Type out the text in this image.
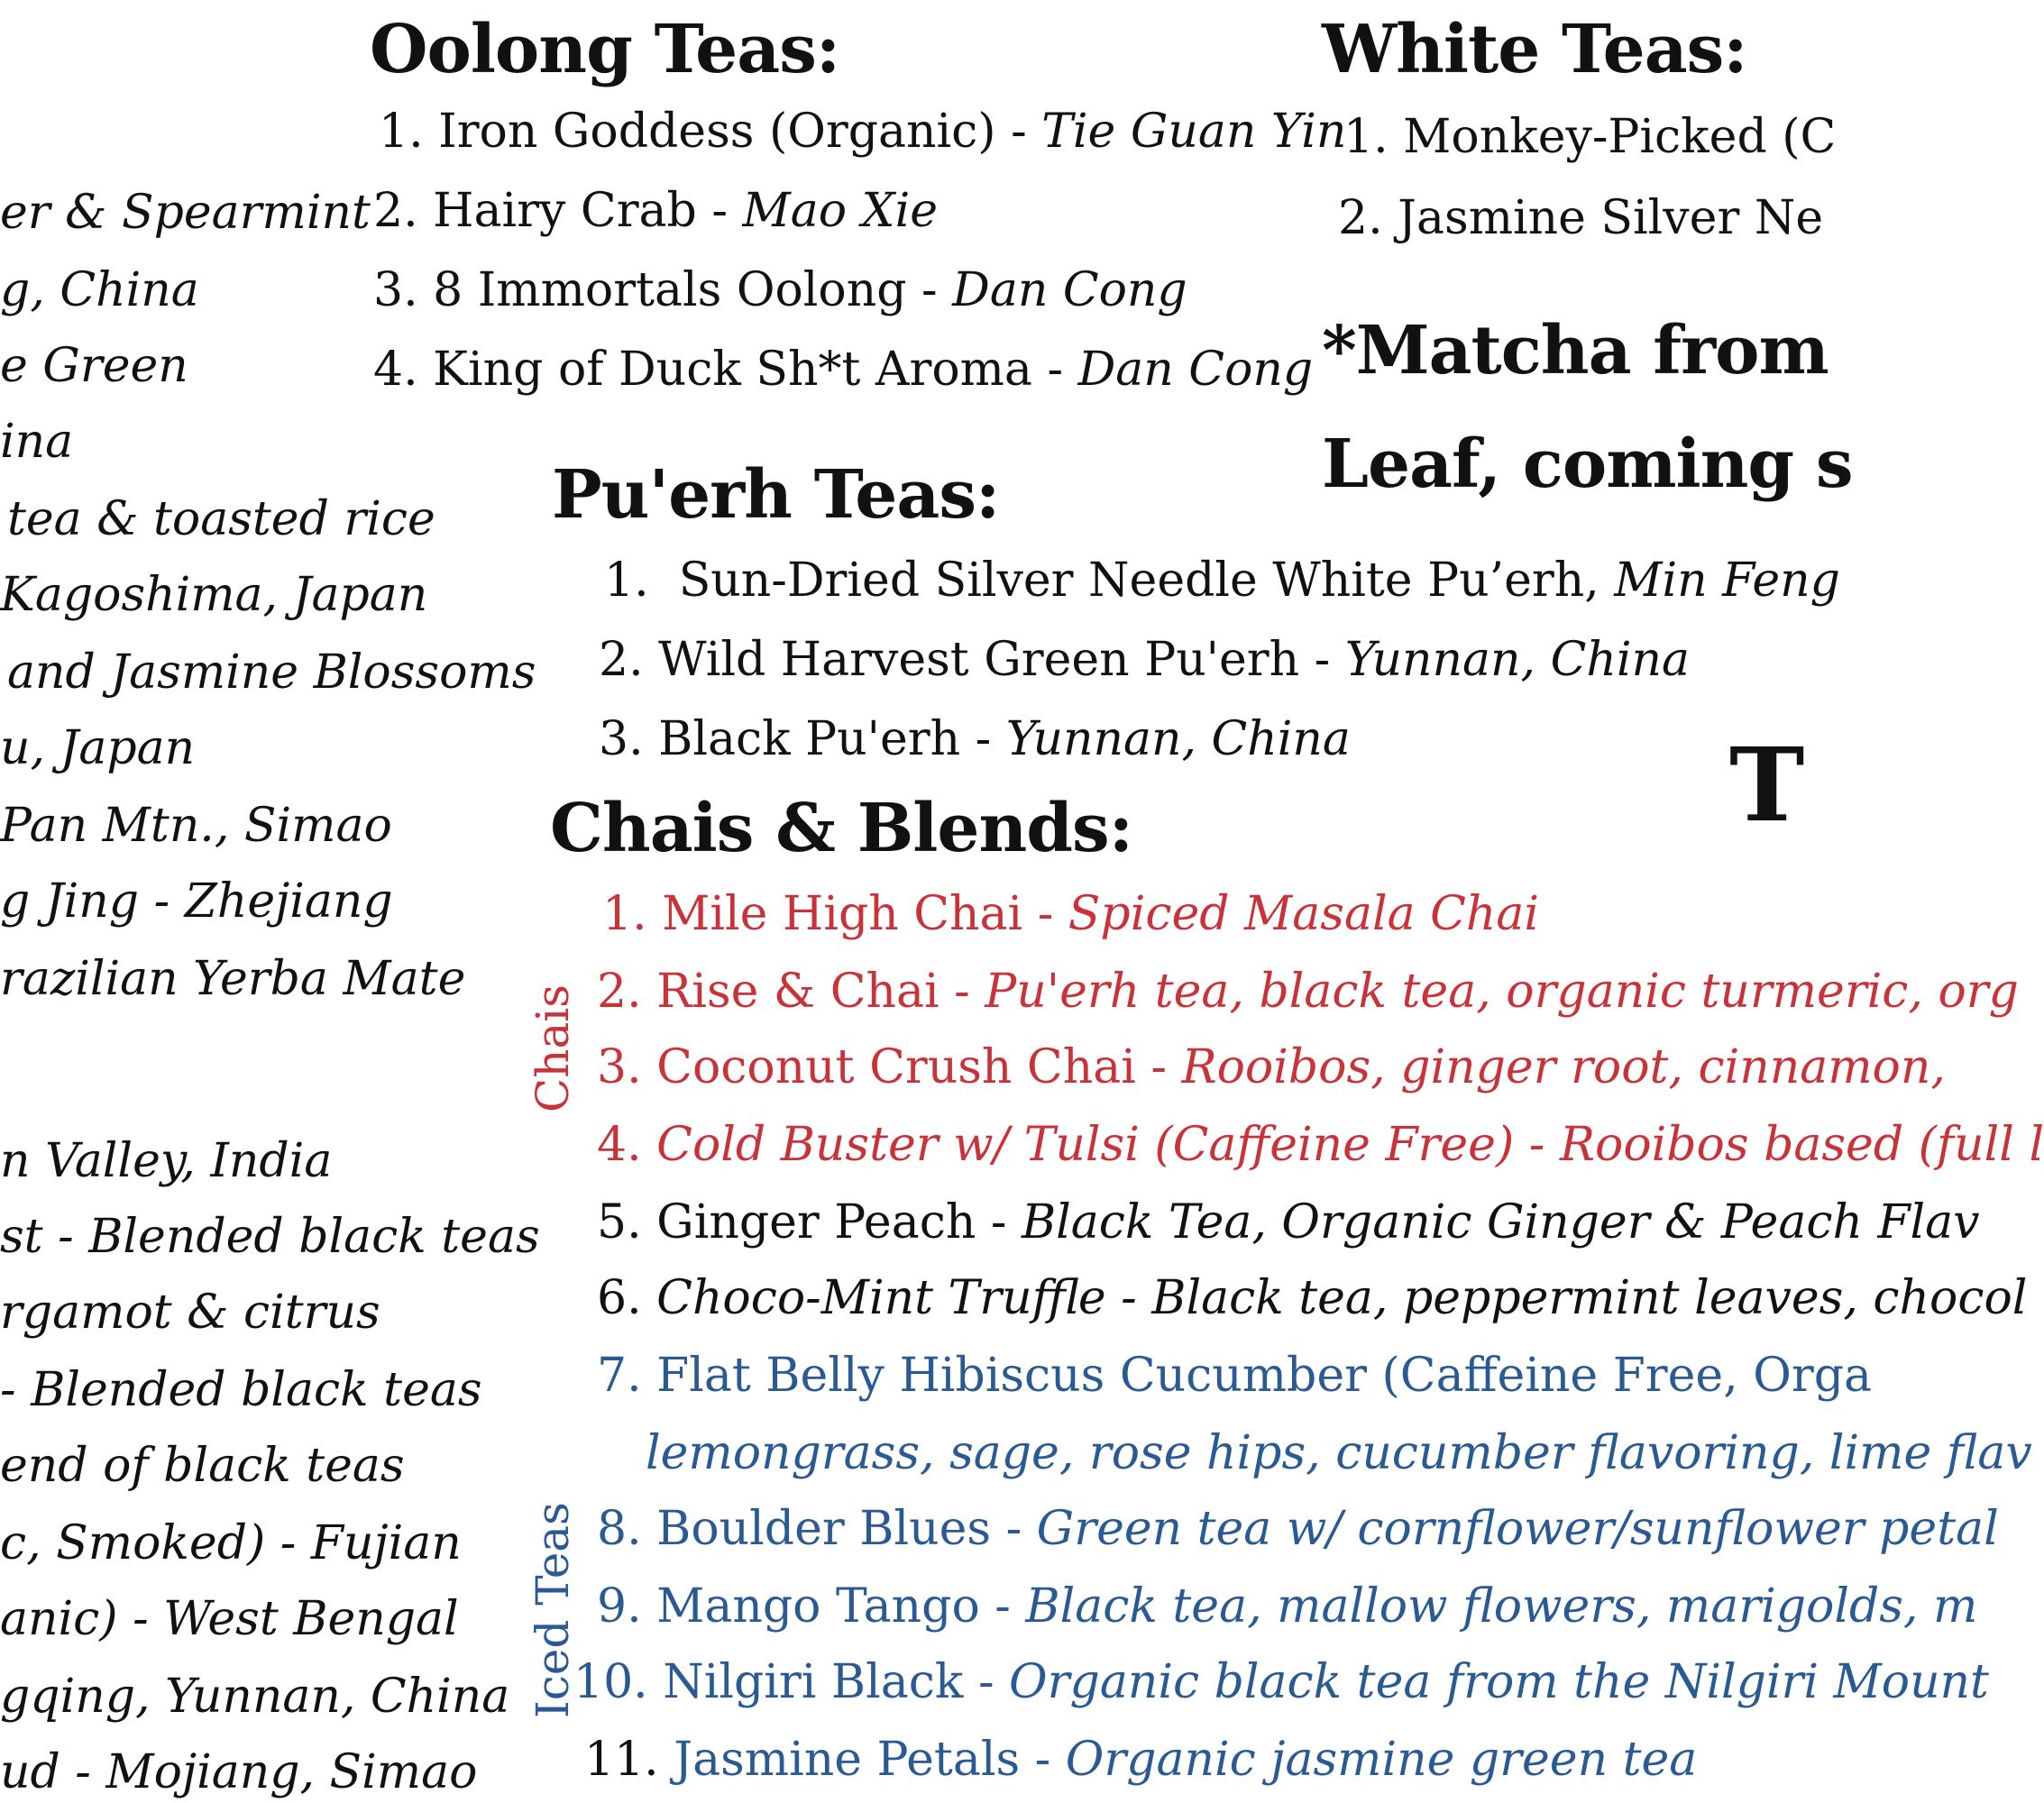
er & Spearmint
g, China
e Green
ina
tea & toasted rice
Kagoshima, Japan
and Jasmine Blossoms
u, Japan
Pan Mtn., Simao
g Jing - Zhejiang
razilian Yerba Mate
n Valley, India
st - Blended black teas
rgamot & citrus
- Blended black teas
end of black teas
c, Smoked) - Fujian
anic) - West Bengal
gqing, Yunnan, China
ud - Mojiang, Simao
Oolong Teas:
1. Iron Goddess (Organic) - Tie Guan Yin
2. Hairy Crab - Mao Xie
3. 8 Immortals Oolong - Dan Cong
4. King of Duck Sh*t Aroma - Dan Cong
White Teas:
1. Monkey-Picked (C
2. Jasmine Silver Ne
*Matcha from
Leaf, coming s
Pu'erh Teas:
1. Sun-Dried Silver Needle White Pu’erh, Min Feng
2. Wild Harvest Green Pu'erh - Yunnan, China
3. Black Pu'erh - Yunnan, China	T
Chais & Blends:
Chais
Iced Teas
1. Mile High Chai - Spiced Masala Chai
2. Rise & Chai - Pu'erh tea, black tea, organic turmeric, org
3. Coconut Crush Chai - Rooibos, ginger root, cinnamon,
4. Cold Buster w/ Tulsi (Caffeine Free) - Rooibos based (full l
5. Ginger Peach - Black Tea, Organic Ginger & Peach Flav
6. Choco-Mint Truffle - Black tea, peppermint leaves, chocol
7. Flat Belly Hibiscus Cucumber (Caffeine Free, Orga
lemongrass, sage, rose hips, cucumber flavoring, lime flav
8. Boulder Blues - Green tea w/ cornflower/sunflower petal
9. Mango Tango - Black tea, mallow flowers, marigolds, m
10. Nilgiri Black - Organic black tea from the Nilgiri Mount
11. Jasmine Petals - Organic jasmine green tea
